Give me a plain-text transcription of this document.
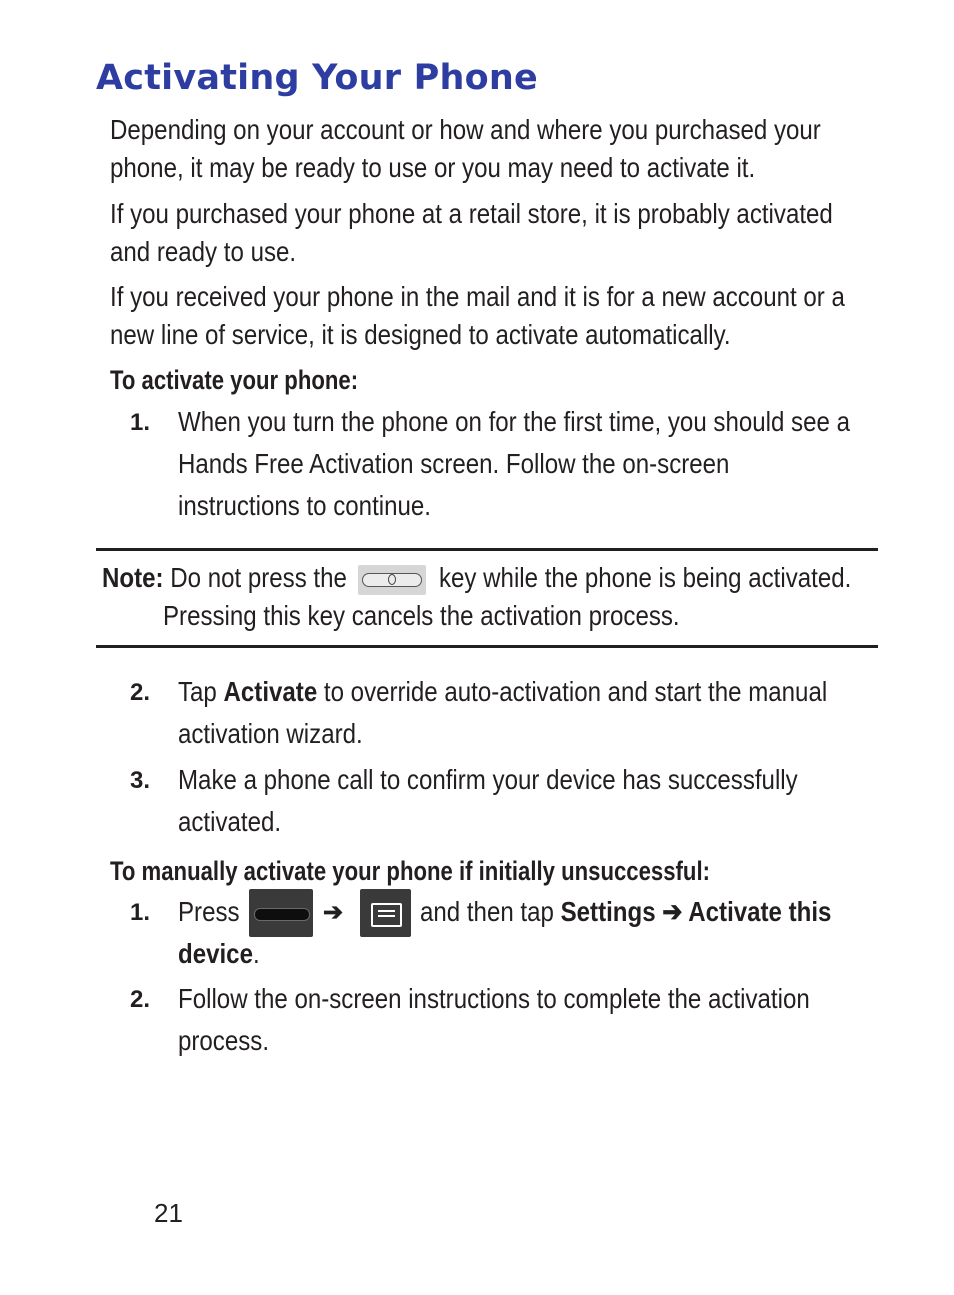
Activating Your Phone

Depending on your account or how and where you purchased your
phone, it may be ready to use or you may need to activate it.

If you purchased your phone at a retail store, it is probably activated
and ready to use.

If you received your phone in the mail and it is for a new account or a
new line of service, it is designed to activate automatically.

To activate your phone:

1. When you turn the phone on for the first time, you should see a
Hands Free Activation screen. Follow the on-screen
instructions to continue.

Note: Do not press the	key while the phone is being activated.

Pressing this key cancels the activation process.

2. Tap Activate to override auto-activation and start the manual
activation wizard.

3. Make a phone call to confirm your device has successfully
activated.

To manually activate your phone if initially unsuccessful:

1. Press	➔	and then tap Settings ➔ Activate this

device.

2. Follow the on-screen instructions to complete the activation
process.

21
